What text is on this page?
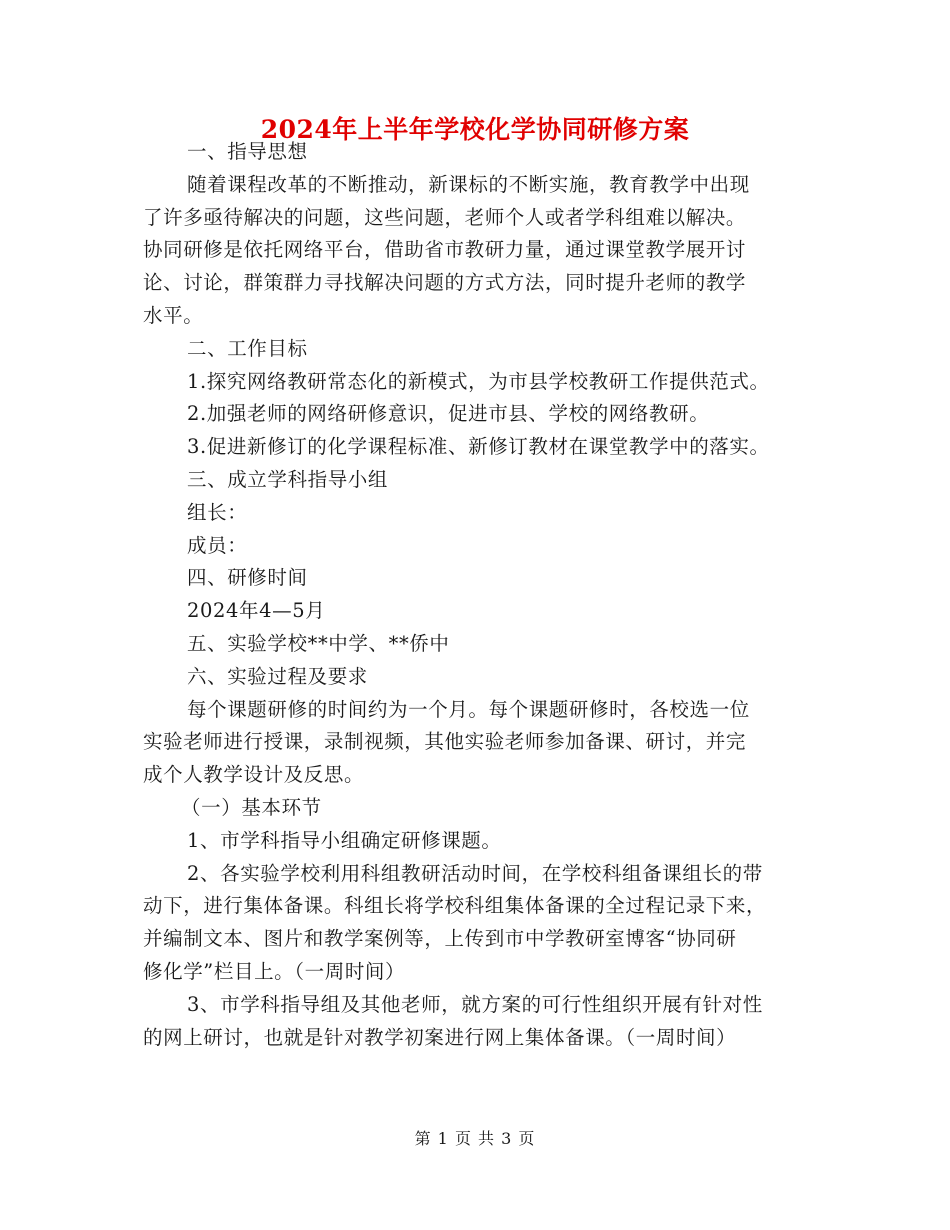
2024年上半年学校化学协同研修方案
一、指导思想
随着课程改革的不断推动，新课标的不断实施，教育教学中出现
了许多亟待解决的问题，这些问题，老师个人或者学科组难以解决。
协同研修是依托网络平台，借助省市教研力量，通过课堂教学展开讨
论、讨论，群策群力寻找解决问题的方式方法，同时提升老师的教学
水平。
二、工作目标
1.探究网络教研常态化的新模式，为市县学校教研工作提供范式。
2.加强老师的网络研修意识，促进市县、学校的网络教研。
3.促进新修订的化学课程标准、新修订教材在课堂教学中的落实。
三、成立学科指导小组
组长：
成员：
四、研修时间
2024年4—5月
五、实验学校**中学、**侨中
六、实验过程及要求
每个课题研修的时间约为一个月。每个课题研修时，各校选一位
实验老师进行授课，录制视频，其他实验老师参加备课、研讨，并完
成个人教学设计及反思。
（一）基本环节
1、市学科指导小组确定研修课题。
2、各实验学校利用科组教研活动时间，在学校科组备课组长的带
动下，进行集体备课。科组长将学校科组集体备课的全过程记录下来，
并编制文本、图片和教学案例等，上传到市中学教研室博客“协同研
修化学”栏目上。（一周时间）
3、市学科指导组及其他老师，就方案的可行性组织开展有针对性
的网上研讨，也就是针对教学初案进行网上集体备课。（一周时间）
第 1 页 共 3 页
